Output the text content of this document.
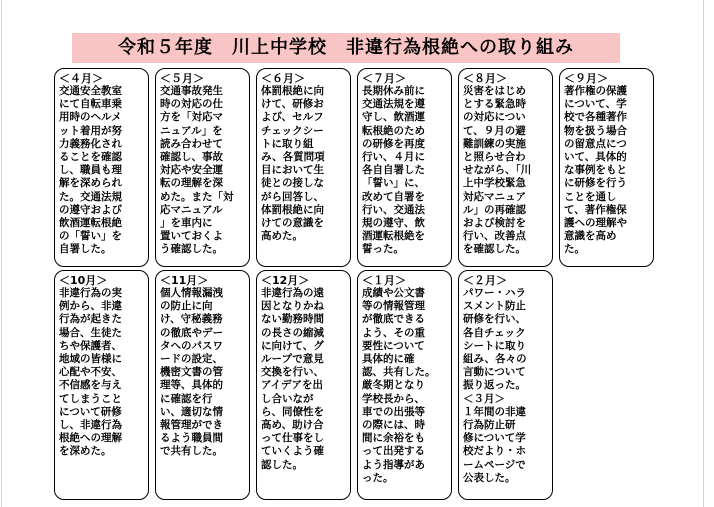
令和５年度　川上中学校　非違行為根絶への取り組み
＜４月＞
交通安全教室
にて自転車乗
用時のヘルメ
ット着用が努
力義務化され
ることを確認
し、職員も理
解を深められ
た。交通法規
の遵守および
飲酒運転根絶
の「誓い」を
自署した。
＜５月＞
交通事故発生
時の対応の仕
方を「対応マ
ニュアル」を
読み合わせて
確認し、事故
対応や安全運
転の理解を深
めた。また「対
応マニュアル
」を車内に
置いておくよ
う確認した。
＜６月＞
体罰根絶に向
けて、研修お
よび、セルフ
チェックシー
トに取り組
み、各質問項
目において生
徒との接しな
がら回答し、
体罰根絶に向
けての意識を
高めた。
＜７月＞
長期休み前に
交通法規を遵
守し、飲酒運
転根絶のため
の研修を再度
行い、４月に
各自自署した
「誓い」に、
改めて自署を
行い、交通法
規の遵守、飲
酒運転根絶を
誓った。
＜８月＞
災害をはじめ
とする緊急時
の対応につい
て、９月の避
難訓練の実施
と照らせ合わ
せながら、「川
上中学校緊急
対応マニュア
ル」の再確認
および検討を
行い、改善点
を確認した。
＜９月＞
著作権の保護
について、学
校で各種著作
物を扱う場合
の留意点につ
いて、具体的
な事例をもと
に研修を行う
ことを通し
て、著作権保
護への理解や
意識を高め
た。
＜10月＞
非違行為の実
例から、非違
行為が起きた
場合、生徒た
ちや保護者、
地域の皆様に
心配や不安、
不信感を与え
てしまうこと
について研修
し、非違行為
根絶への理解
を深めた。
＜11月＞
個人情報漏洩
の防止に向
け、守秘義務
の徹底やデー
タへのパスワ
ードの設定、
機密文書の管
理等、具体的
に確認を行
い、適切な情
報管理ができ
るよう職員間
で共有した。
＜12月＞
非違行為の遠
因となりかね
ない勤務時間
の長さの縮減
に向けて、グ
ループで意見
交換を行い、
アイデアを出
し合いなが
ら、同僚性を
高め、助け合
って仕事をし
ていくよう確
認した。
＜１月＞
成績や公文書
等の情報管理
が徹底できる
よう、その重
要性について
具体的に確
認、共有した。
厳冬期となり
学校長から、
車での出張等
の際には、時
間に余裕をも
って出発する
よう指導があ
った。
＜２月＞
パワー・ハラ
スメント防止
研修を行い、
各自チェック
シートに取り
組み、各々の
言動について
振り返った。
＜３月＞
１年間の非違
行為防止研
修について学
校だより・ホ
ームページで
公表した。
